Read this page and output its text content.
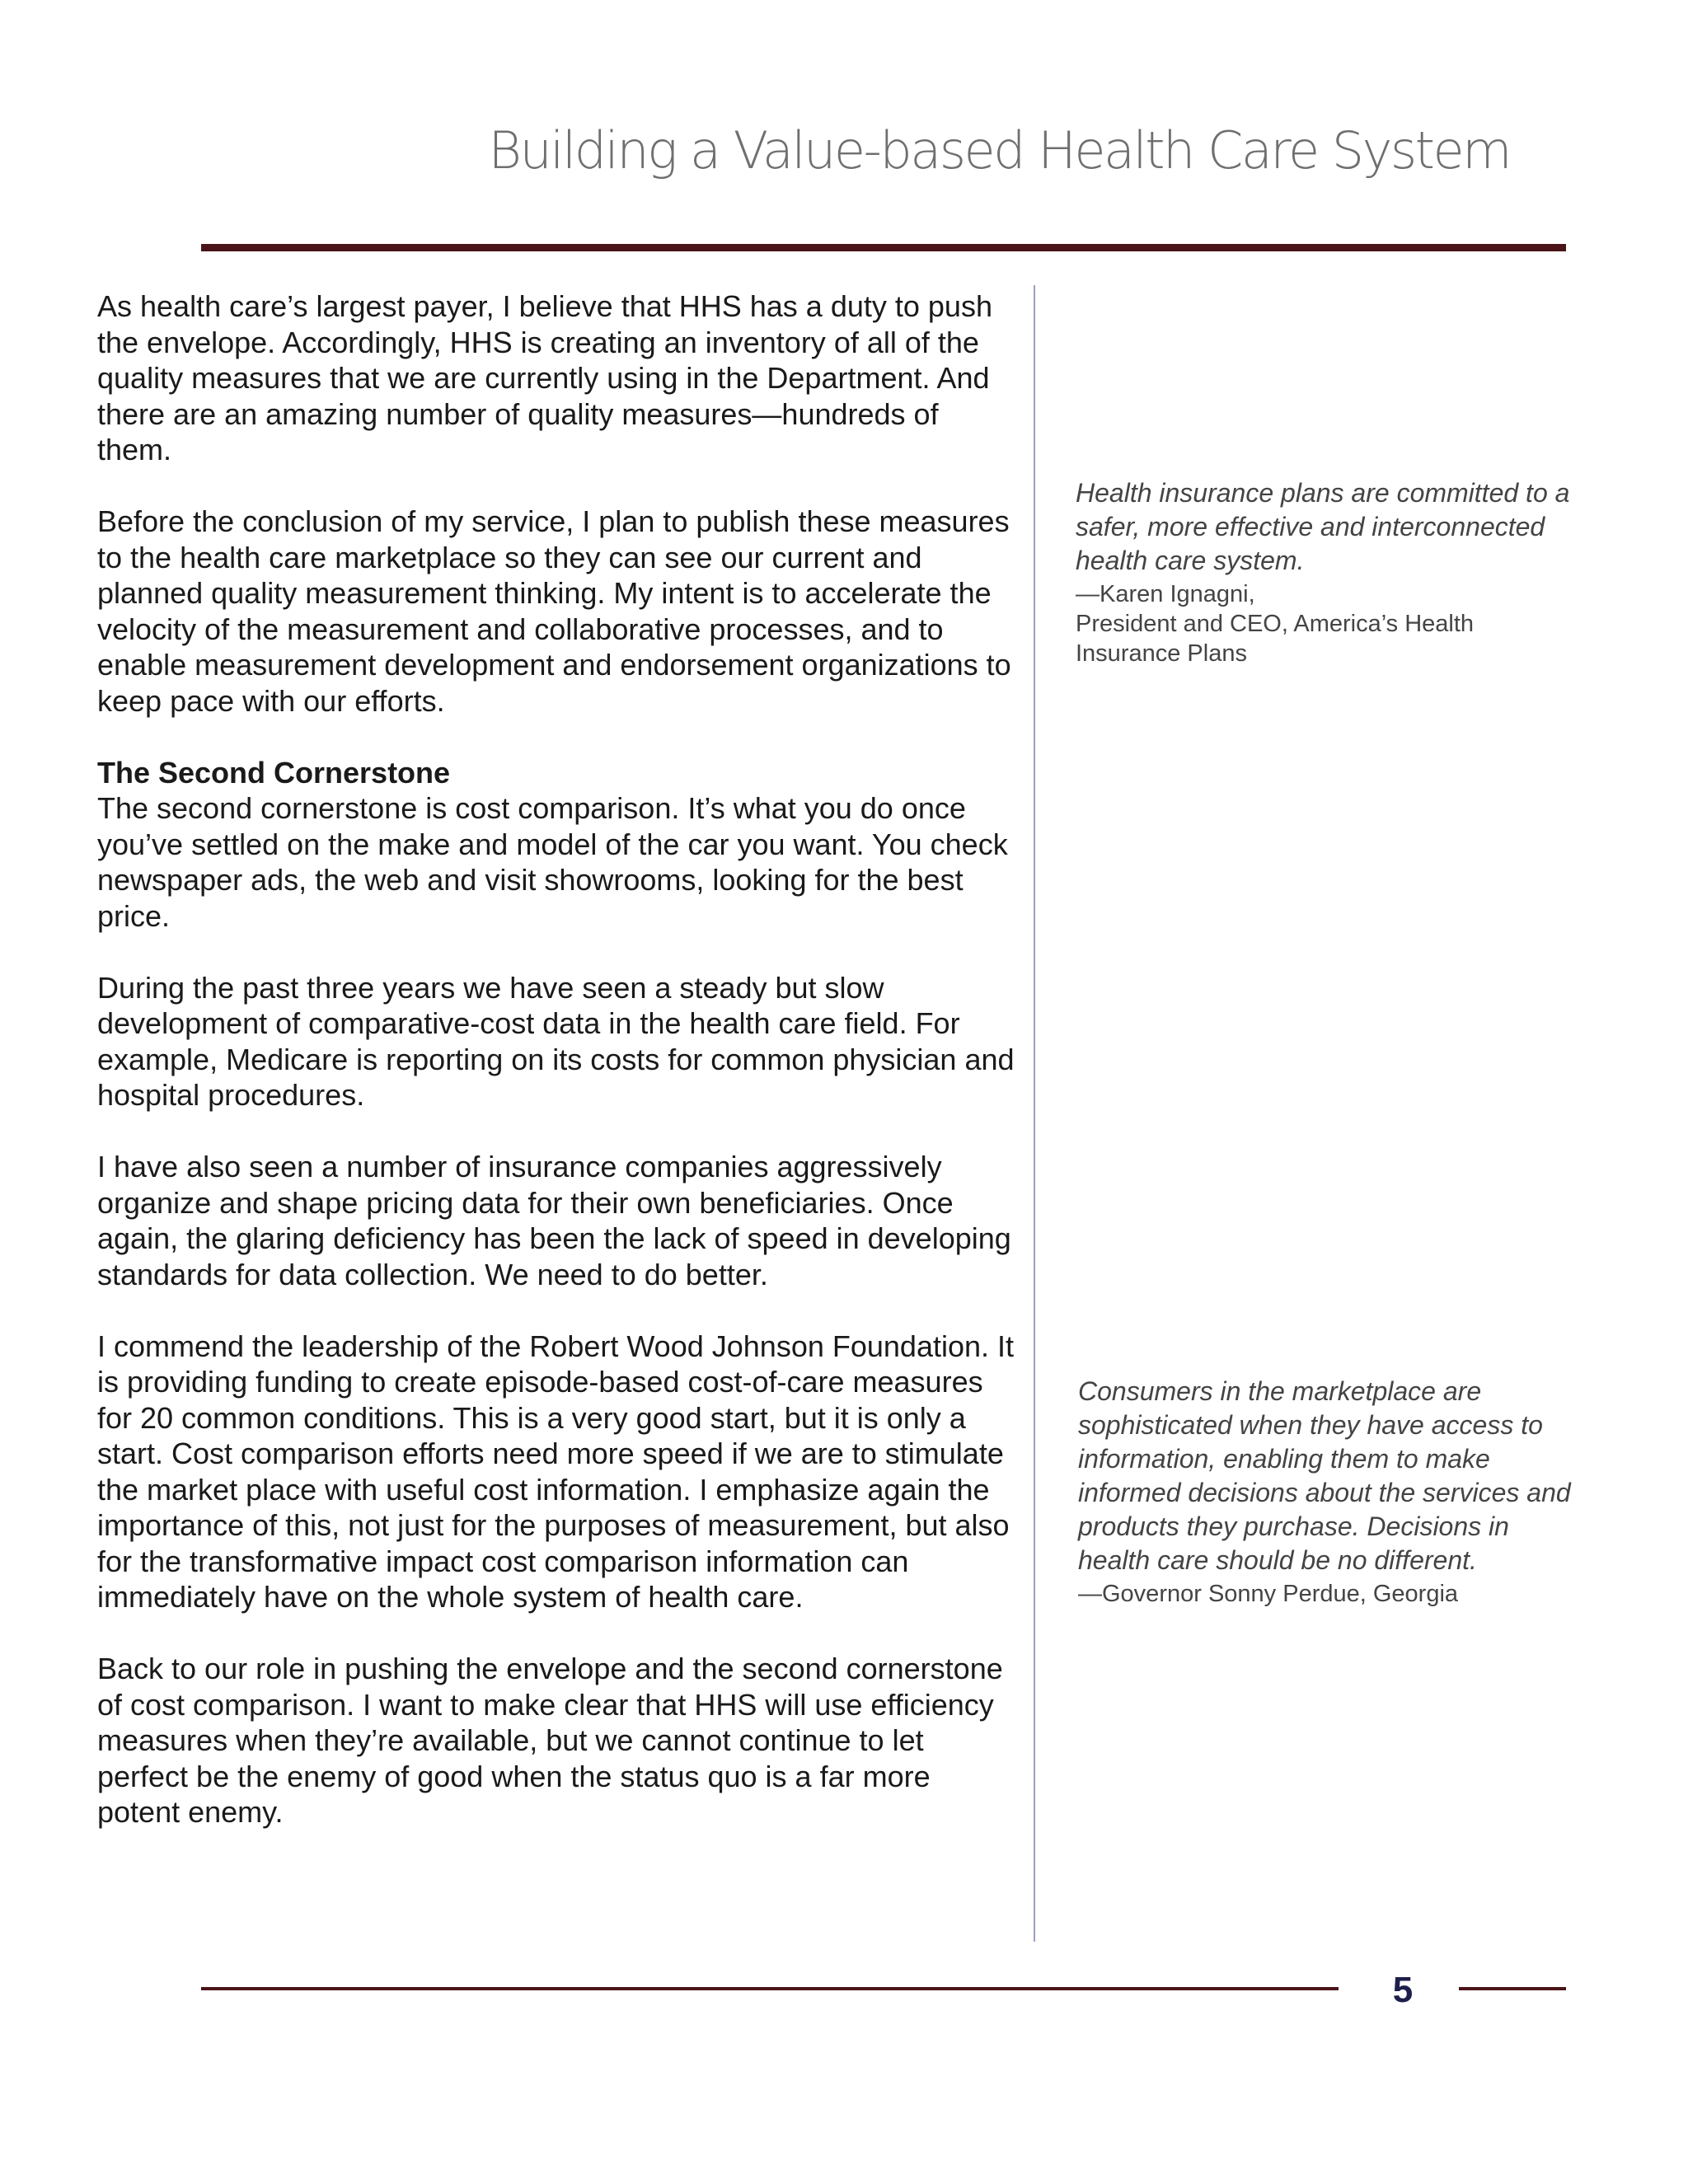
Building a Value-based Health Care System

As health care’s largest payer, I believe that HHS has a duty to push the envelope. Accordingly, HHS is creating an inventory of all of the quality measures that we are currently using in the Department. And there are an amazing number of quality measures—hundreds of them.

Before the conclusion of my service, I plan to publish these measures to the health care marketplace so they can see our current and planned quality measurement thinking. My intent is to accelerate the velocity of the measurement and collaborative processes, and to enable measurement development and endorsement organizations to keep pace with our efforts.

The Second Cornerstone

The second cornerstone is cost comparison. It’s what you do once you’ve settled on the make and model of the car you want. You check newspaper ads, the web and visit showrooms, looking for the best price.

During the past three years we have seen a steady but slow development of comparative-cost data in the health care field. For example, Medicare is reporting on its costs for common physician and hospital procedures.

I have also seen a number of insurance companies aggressively organize and shape pricing data for their own beneficiaries. Once again, the glaring deficiency has been the lack of speed in developing standards for data collection. We need to do better.

I commend the leadership of the Robert Wood Johnson Foundation. It is providing funding to create episode-based cost-of-care measures for 20 common conditions. This is a very good start, but it is only a start. Cost comparison efforts need more speed if we are to stimulate the market place with useful cost information. I emphasize again the importance of this, not just for the purposes of measurement, but also for the transformative impact cost comparison information can immediately have on the whole system of health care.

Back to our role in pushing the envelope and the second cornerstone of cost comparison. I want to make clear that HHS will use efficiency measures when they’re available, but we cannot continue to let perfect be the enemy of good when the status quo is a far more potent enemy.

Health insurance plans are committed to a safer, more effective and interconnected health care system.

—Karen Ignagni,
President and CEO, America’s Health Insurance Plans

Consumers in the marketplace are sophisticated when they have access to information, enabling them to make informed decisions about the services and products they purchase. Decisions in health care should be no different.

—Governor Sonny Perdue, Georgia

5
